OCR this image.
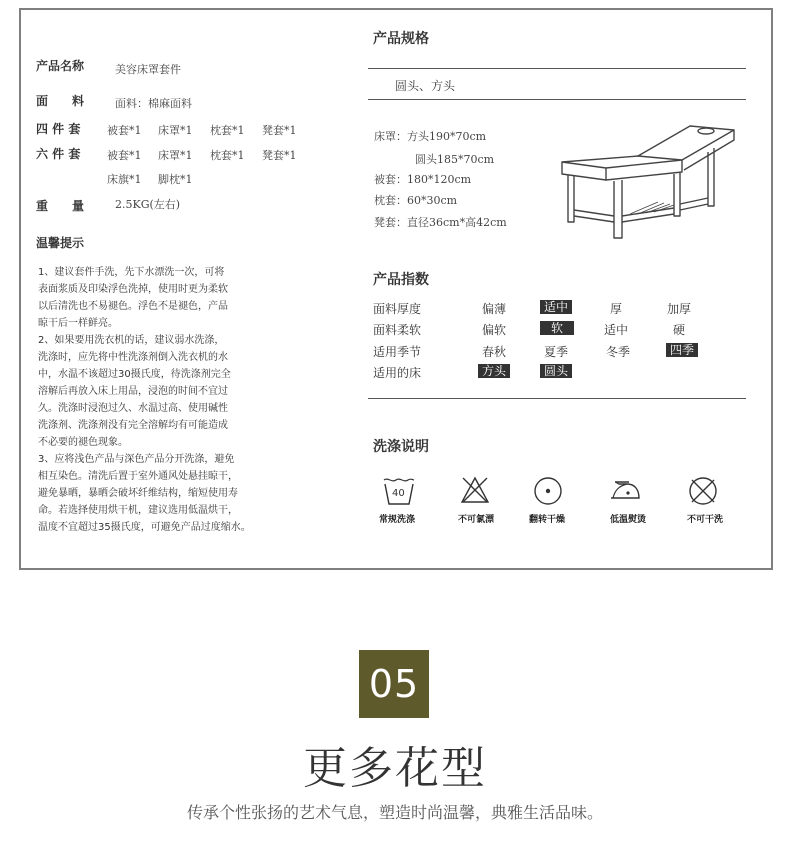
产品名称	美容床罩套件
面 料	面料：棉麻面料
四 件 套 被套*1 床罩*1 枕套*1 凳套*1
六 件 套 被套*1 床罩*1 枕套*1 凳套*1
床旗*1 脚枕*1
重 量	2.5KG(左右)
温馨提示
1、建议套件手洗，先下水漂洗一次，可将
表面浆质及印染浮色洗掉，使用时更为柔软
以后清洗也不易褪色。浮色不是褪色，产品
晾干后一样鲜亮。
2、如果要用洗衣机的话，建议弱水洗涤，
洗涤时，应先将中性洗涤剂倒入洗衣机的水
中，水温不该超过30摄氏度，待洗涤剂完全
溶解后再放入床上用品，浸泡的时间不宜过
久。洗涤时浸泡过久、水温过高、使用碱性
洗涤剂、洗涤剂没有完全溶解均有可能造成
不必要的褪色现象。
3、应将浅色产品与深色产品分开洗涤，避免
相互染色。清洗后置于室外通风处悬挂晾干，
避免暴晒，暴晒会破坏纤维结构，缩短使用寿
命。若选择使用烘干机，建议选用低温烘干，
温度不宜超过35摄氏度，可避免产品过度缩水。
产品规格
圆头、方头
床罩：方头190*70cm
圆头185*70cm
被套：180*120cm
枕套：60*30cm
凳套：直径36cm*高42cm
产品指数
面料厚度	偏薄	适中	厚	加厚
面料柔软	偏软	软	适中	硬
适用季节	春秋	夏季	冬季	四季
适用的床	方头	圆头
洗涤说明
40
常规洗涤	不可氯漂	翻转干燥	低温熨烫	不可干洗
05
更多花型
传承个性张扬的艺术气息，塑造时尚温馨，典雅生活品味。
